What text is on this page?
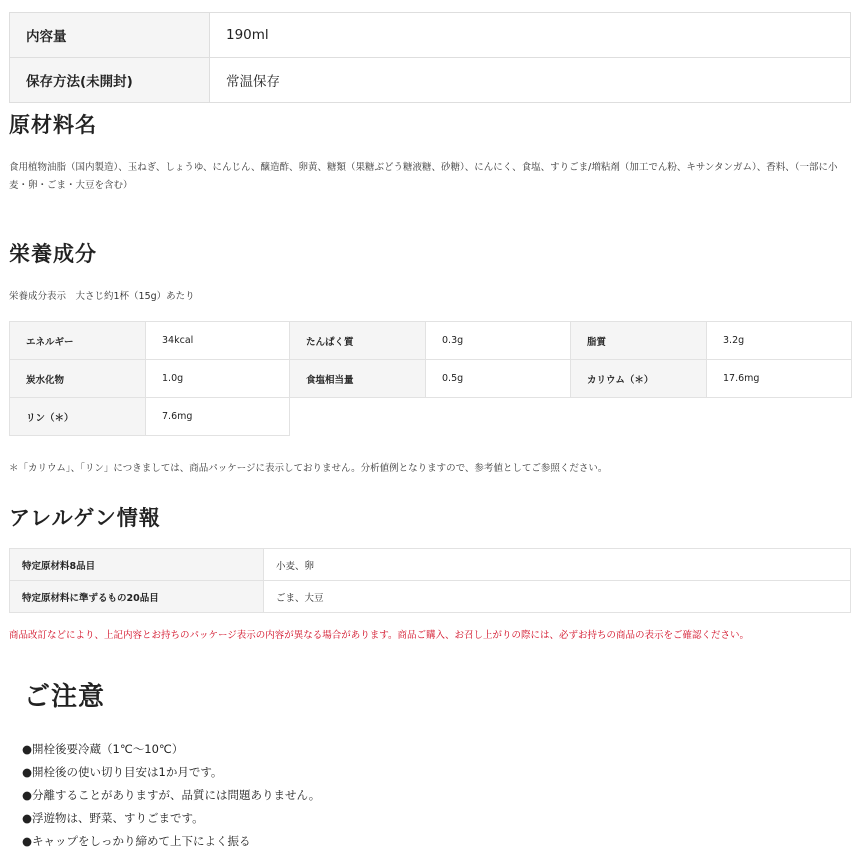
内容量	190ml
保存方法(未開封)	常温保存
原材料名

食用植物油脂（国内製造）、玉ねぎ、しょうゆ、にんじん、醸造酢、卵黄、糖類（果糖ぶどう糖液糖、砂糖）、にんにく、食塩、すりごま/増粘剤（加工でん粉、キサンタンガム）、香料、（一部に小麦・卵・ごま・大豆を含む）

栄養成分

栄養成分表示　大さじ約1杯（15g）あたり

エネルギー	34kcal	たんぱく質	0.3g	脂質	3.2g
炭水化物	1.0g	食塩相当量	0.5g	カリウム（＊）	17.6mg
リン（＊）	7.6mg				

＊「カリウム」、「リン」につきましては、商品パッケージに表示しておりません。分析値例となりますので、参考値としてご参照ください。

アレルゲン情報
特定原材料8品目	小麦、卵
特定原材料に準ずるもの20品目	ごま、大豆

商品改訂などにより、上記内容とお持ちのパッケージ表示の内容が異なる場合があります。商品ご購入、お召し上がりの際には、必ずお持ちの商品の表示をご確認ください。

ご注意
●開栓後要冷蔵（1℃〜10℃）
●開栓後の使い切り目安は1か月です。
●分離することがありますが、品質には問題ありません。
●浮遊物は、野菜、すりごまです。
●キャップをしっかり締めて上下によく振る
